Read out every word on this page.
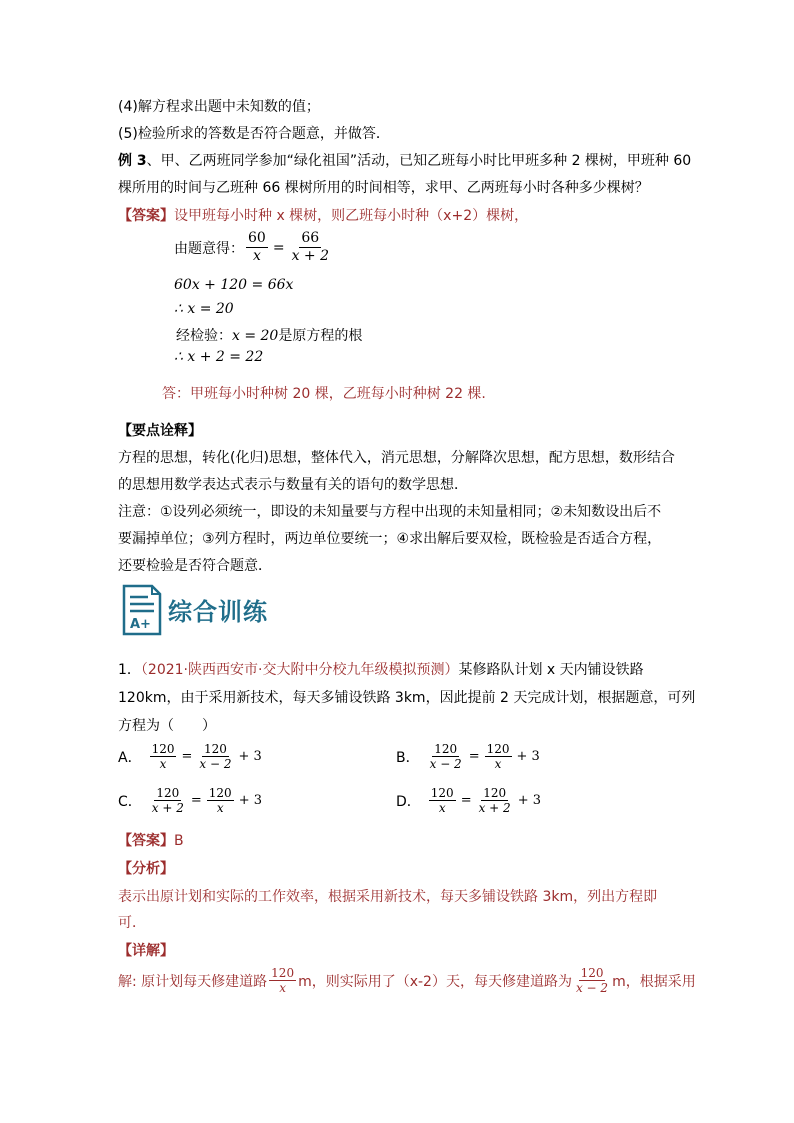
(4)解方程求出题中未知数的值；
(5)检验所求的答数是否符合题意，并做答．
例 3、甲、乙两班同学参加“绿化祖国”活动，已知乙班每小时比甲班多种 2 棵树，甲班种 60
棵所用的时间与乙班种 66 棵树所用的时间相等，求甲、乙两班每小时各种多少棵树？
【答案】设甲班每小时种 x 棵树，则乙班每小时种（x+2）棵树，
由题意得： $\frac{60}{x} = \frac{66}{x + 2}$
60x + 120 = 66x
∴ x = 20
经检验：x = 20是原方程的根
∴ x + 2 = 22
答：甲班每小时种树 20 棵，乙班每小时种树 22 棵.
【要点诠释】
方程的思想，转化(化归)思想，整体代入，消元思想，分解降次思想，配方思想，数形结合
的思想用数学表达式表示与数量有关的语句的数学思想．
注意：①设列必须统一，即设的未知量要与方程中出现的未知量相同；②未知数设出后不
要漏掉单位；③列方程时，两边单位要统一；④求出解后要双检，既检验是否适合方程，
还要检验是否符合题意．
A+ 综合训练
1．（2021·陕西西安市·交大附中分校九年级模拟预测）某修路队计划 x 天内铺设铁路
120km，由于采用新技术，每天多铺设铁路 3km，因此提前 2 天完成计划，根据题意，可列
方程为（　　）
A． $\frac{120}{x} = \frac{120}{x - 2} + 3$	B． $\frac{120}{x - 2} = \frac{120}{x} + 3$
C． $\frac{120}{x + 2} = \frac{120}{x} + 3$	D． $\frac{120}{x} = \frac{120}{x + 2} + 3$
【答案】B
【分析】
表示出原计划和实际的工作效率，根据采用新技术，每天多铺设铁路 3km，列出方程即
可．
【详解】
解: 原计划每天修建道路 $\frac{120}{x}$ m，则实际用了（x-2）天，每天修建道路为 $\frac{120}{x - 2}$ m，根据采用
